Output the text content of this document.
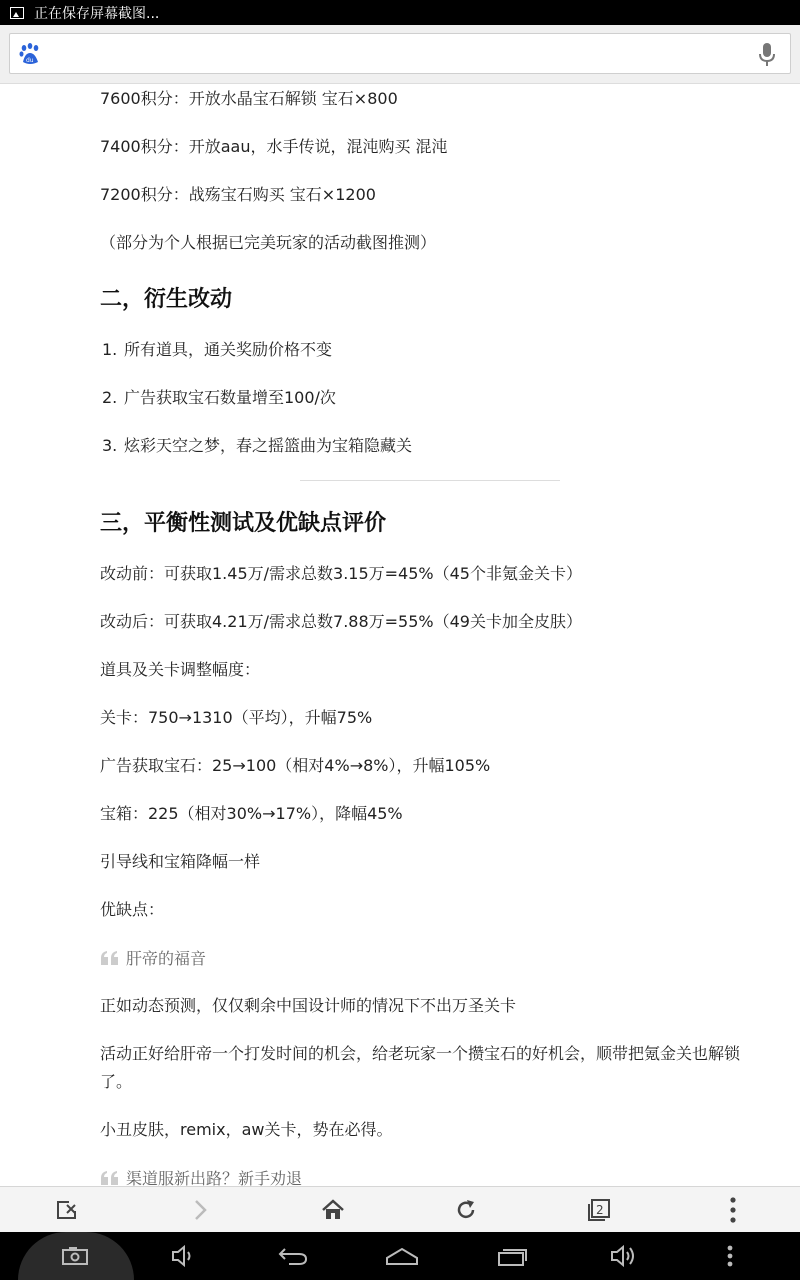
正在保存屏幕截图...
du
7600积分：开放水晶宝石解锁 宝石×800
7400积分：开放aau，水手传说，混沌购买 混沌
7200积分：战殇宝石购买 宝石×1200
（部分为个人根据已完美玩家的活动截图推测）
二，衍生改动
1. 所有道具，通关奖励价格不变
2. 广告获取宝石数量增至100/次
3. 炫彩天空之梦，春之摇篮曲为宝箱隐藏关
三，平衡性测试及优缺点评价
改动前：可获取1.45万/需求总数3.15万=45%（45个非氪金关卡）
改动后：可获取4.21万/需求总数7.88万=55%（49关卡加全皮肤）
道具及关卡调整幅度：
关卡：750→1310（平均），升幅75%
广告获取宝石：25→100（相对4%→8%），升幅105%
宝箱：225（相对30%→17%），降幅45%
引导线和宝箱降幅一样
优缺点：
肝帝的福音
正如动态预测，仅仅剩余中国设计师的情况下不出万圣关卡
活动正好给肝帝一个打发时间的机会，给老玩家一个攒宝石的好机会，顺带把氪金关也解锁了。
小丑皮肤，remix，aw关卡，势在必得。
渠道服新出路？新手劝退
2
